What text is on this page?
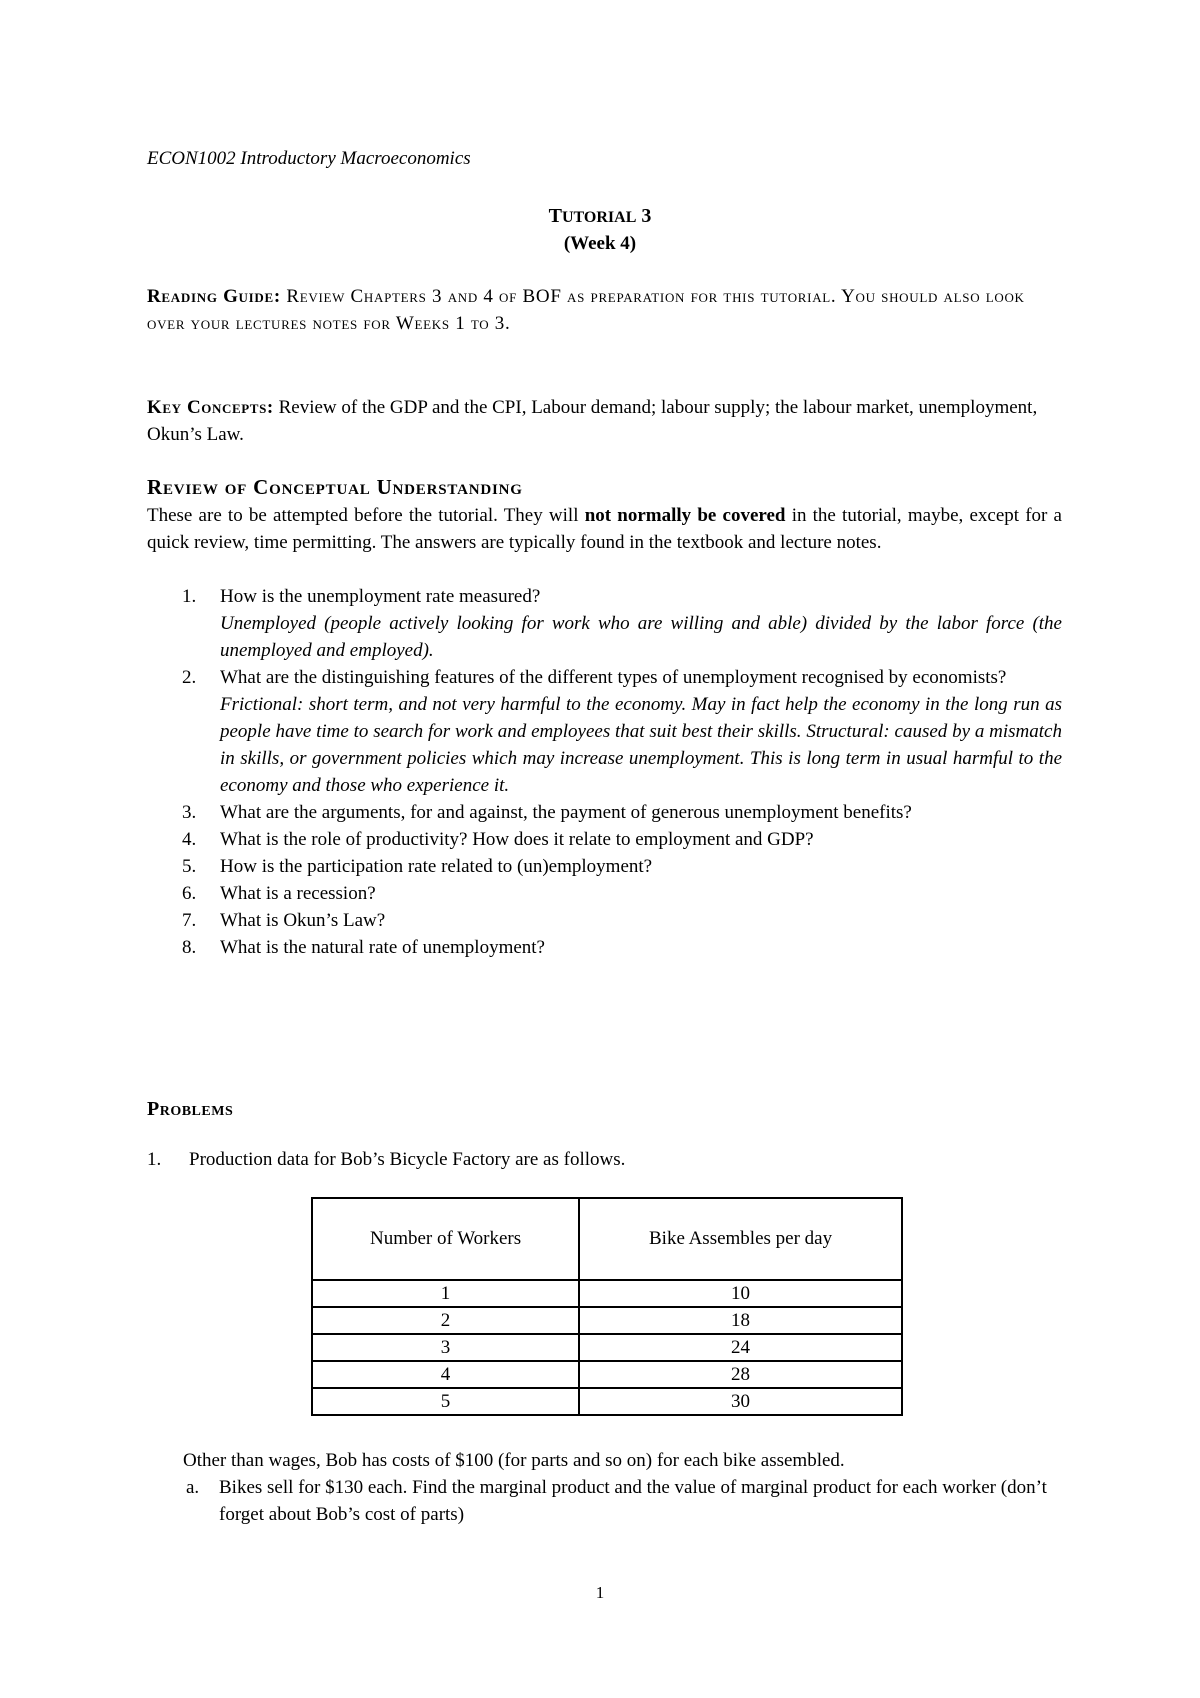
ECON1002 Introductory Macroeconomics
TUTORIAL 3
(Week 4)
Reading Guide: Review Chapters 3 and 4 of BOF as preparation for this tutorial. You should also look over your lectures notes for Weeks 1 to 3.
Key Concepts: Review of the GDP and the CPI, Labour demand; labour supply; the labour market, unemployment, Okun’s Law.
Review of Conceptual Understanding
These are to be attempted before the tutorial. They will not normally be covered in the tutorial, maybe, except for a quick review, time permitting. The answers are typically found in the textbook and lecture notes.
1. How is the unemployment rate measured?
Unemployed (people actively looking for work who are willing and able) divided by the labor force (the unemployed and employed).
2. What are the distinguishing features of the different types of unemployment recognised by economists?
Frictional: short term, and not very harmful to the economy. May in fact help the economy in the long run as people have time to search for work and employees that suit best their skills. Structural: caused by a mismatch in skills, or government policies which may increase unemployment. This is long term in usual harmful to the economy and those who experience it.
3. What are the arguments, for and against, the payment of generous unemployment benefits?
4. What is the role of productivity? How does it relate to employment and GDP?
5. How is the participation rate related to (un)employment?
6. What is a recession?
7. What is Okun’s Law?
8. What is the natural rate of unemployment?
Problems
1. Production data for Bob’s Bicycle Factory are as follows.
Number of Workers	Bike Assembles per day
1	10
2	18
3	24
4	28
5	30
Other than wages, Bob has costs of $100 (for parts and so on) for each bike assembled.
a. Bikes sell for $130 each. Find the marginal product and the value of marginal product for each worker (don’t forget about Bob’s cost of parts)
1
